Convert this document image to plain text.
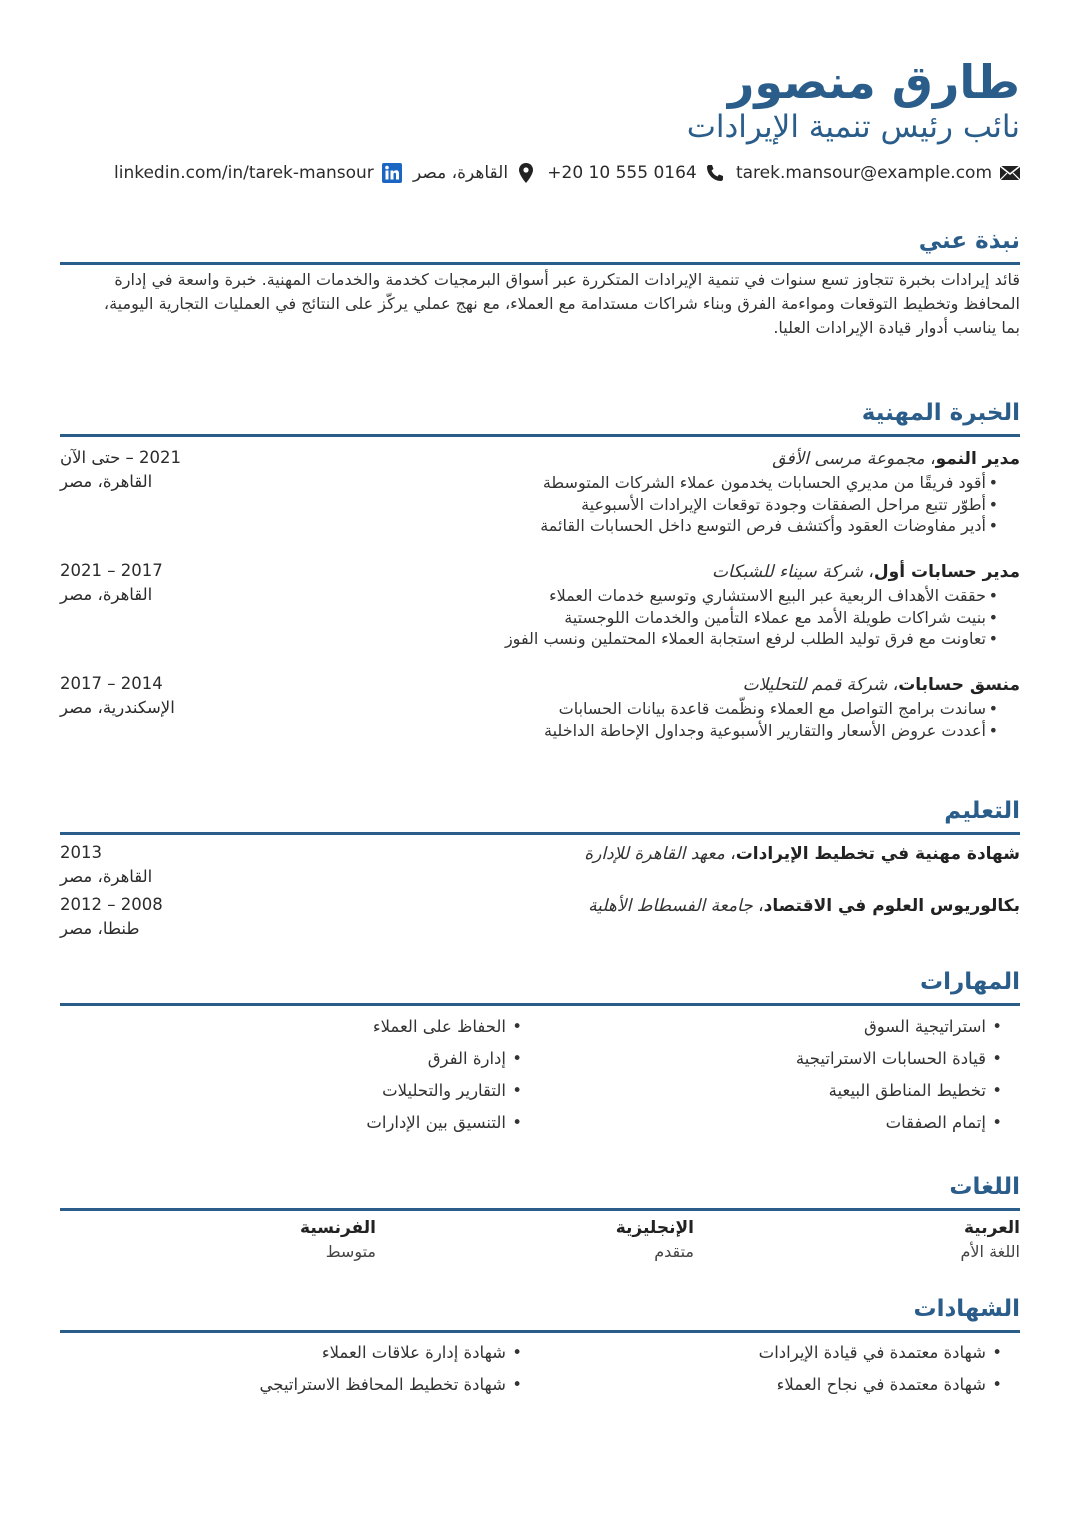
طارق منصور
نائب رئيس تنمية الإيرادات
tarek.mansour@example.com
+20 10 555 0164
القاهرة، مصر
linkedin.com/in/tarek-mansour
نبذة عني
قائد إيرادات بخبرة تتجاوز تسع سنوات في تنمية الإيرادات المتكررة عبر أسواق البرمجيات كخدمة والخدمات المهنية. خبرة واسعة في إدارة المحافظ وتخطيط التوقعات ومواءمة الفرق وبناء شراكات مستدامة مع العملاء، مع نهج عملي يركّز على النتائج في العمليات التجارية اليومية، بما يناسب أدوار قيادة الإيرادات العليا.
الخبرة المهنية
مدير النمو، مجموعة مرسى الأفق
• أقود فريقًا من مديري الحسابات يخدمون عملاء الشركات المتوسطة
• أطوّر تتبع مراحل الصفقات وجودة توقعات الإيرادات الأسبوعية
• أدير مفاوضات العقود وأكتشف فرص التوسع داخل الحسابات القائمة
2021 – حتى الآن
القاهرة، مصر
مدير حسابات أول، شركة سيناء للشبكات
• حققت الأهداف الربعية عبر البيع الاستشاري وتوسيع خدمات العملاء
• بنيت شراكات طويلة الأمد مع عملاء التأمين والخدمات اللوجستية
• تعاونت مع فرق توليد الطلب لرفع استجابة العملاء المحتملين ونسب الفوز
2017 – 2021
القاهرة، مصر
منسق حسابات، شركة قمم للتحليلات
• ساندت برامج التواصل مع العملاء ونظّمت قاعدة بيانات الحسابات
• أعددت عروض الأسعار والتقارير الأسبوعية وجداول الإحاطة الداخلية
2014 – 2017
الإسكندرية، مصر
التعليم
شهادة مهنية في تخطيط الإيرادات، معهد القاهرة للإدارة
2013
القاهرة، مصر
بكالوريوس العلوم في الاقتصاد، جامعة الفسطاط الأهلية
2008 – 2012
طنطا، مصر
المهارات
• استراتيجية السوق
• قيادة الحسابات الاستراتيجية
• تخطيط المناطق البيعية
• إتمام الصفقات
• الحفاظ على العملاء
• إدارة الفرق
• التقارير والتحليلات
• التنسيق بين الإدارات
اللغات
العربية
اللغة الأم
الإنجليزية
متقدم
الفرنسية
متوسط
الشهادات
• شهادة معتمدة في قيادة الإيرادات
• شهادة معتمدة في نجاح العملاء
• شهادة إدارة علاقات العملاء
• شهادة تخطيط المحافظ الاستراتيجي
